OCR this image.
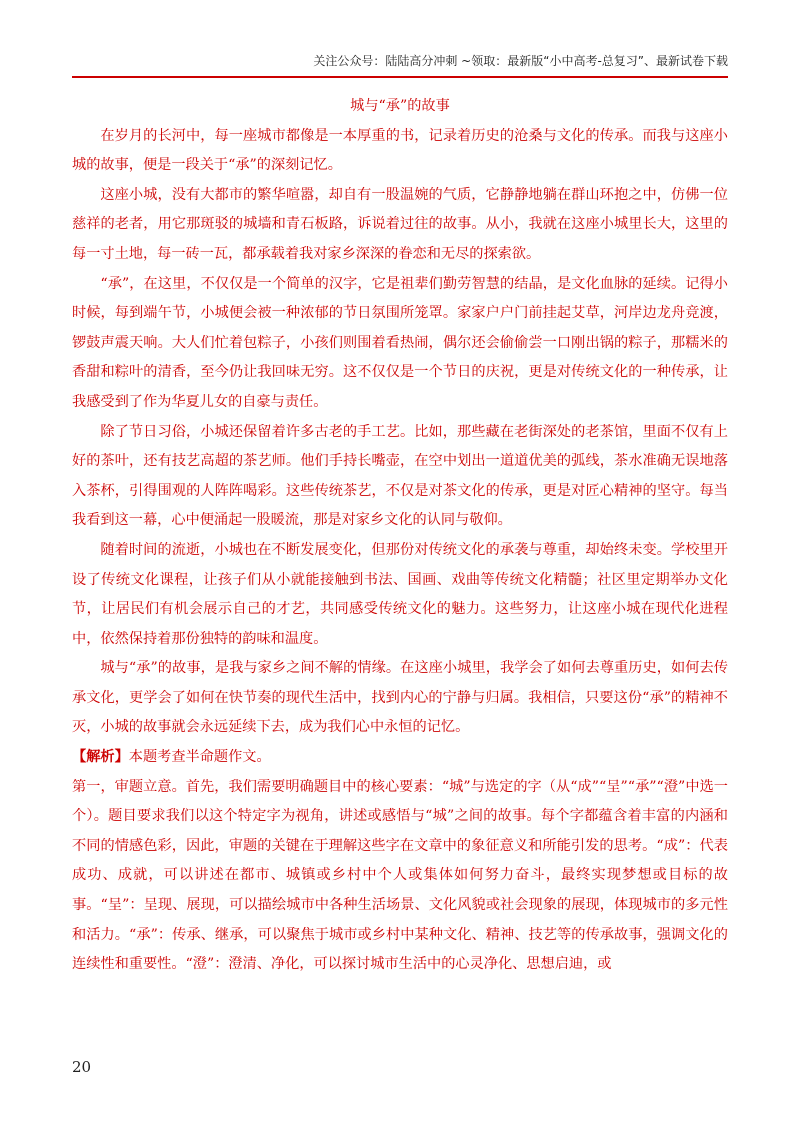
关注公众号：陆陆高分冲刺 ~领取：最新版“小中高考-总复习”、最新试卷下载

城与“承”的故事

在岁月的长河中，每一座城市都像是一本厚重的书，记录着历史的沧桑与文化的传承。而我与这座小城的故事，便是一段关于“承”的深刻记忆。

这座小城，没有大都市的繁华喧嚣，却自有一股温婉的气质，它静静地躺在群山环抱之中，仿佛一位慈祥的老者，用它那斑驳的城墙和青石板路，诉说着过往的故事。从小，我就在这座小城里长大，这里的每一寸土地，每一砖一瓦，都承载着我对家乡深深的眷恋和无尽的探索欲。

“承”，在这里，不仅仅是一个简单的汉字，它是祖辈们勤劳智慧的结晶，是文化血脉的延续。记得小时候，每到端午节，小城便会被一种浓郁的节日氛围所笼罩。家家户户门前挂起艾草，河岸边龙舟竞渡，锣鼓声震天响。大人们忙着包粽子，小孩们则围着看热闹，偶尔还会偷偷尝一口刚出锅的粽子，那糯米的香甜和粽叶的清香，至今仍让我回味无穷。这不仅仅是一个节日的庆祝，更是对传统文化的一种传承，让我感受到了作为华夏儿女的自豪与责任。

除了节日习俗，小城还保留着许多古老的手工艺。比如，那些藏在老街深处的老茶馆，里面不仅有上好的茶叶，还有技艺高超的茶艺师。他们手持长嘴壶，在空中划出一道道优美的弧线，茶水准确无误地落入茶杯，引得围观的人阵阵喝彩。这些传统茶艺，不仅是对茶文化的传承，更是对匠心精神的坚守。每当我看到这一幕，心中便涌起一股暖流，那是对家乡文化的认同与敬仰。

随着时间的流逝，小城也在不断发展变化，但那份对传统文化的承袭与尊重，却始终未变。学校里开设了传统文化课程，让孩子们从小就能接触到书法、国画、戏曲等传统文化精髓；社区里定期举办文化节，让居民们有机会展示自己的才艺，共同感受传统文化的魅力。这些努力，让这座小城在现代化进程中，依然保持着那份独特的韵味和温度。

城与“承”的故事，是我与家乡之间不解的情缘。在这座小城里，我学会了如何去尊重历史，如何去传承文化，更学会了如何在快节奏的现代生活中，找到内心的宁静与归属。我相信，只要这份“承”的精神不灭，小城的故事就会永远延续下去，成为我们心中永恒的记忆。

【解析】本题考查半命题作文。

第一，审题立意。首先，我们需要明确题目中的核心要素：“城”与选定的字（从“成”“呈”“承”“澄”中选一个）。题目要求我们以这个特定字为视角，讲述或感悟与“城”之间的故事。每个字都蕴含着丰富的内涵和不同的情感色彩，因此，审题的关键在于理解这些字在文章中的象征意义和所能引发的思考。“成”：代表成功、成就，可以讲述在都市、城镇或乡村中个人或集体如何努力奋斗，最终实现梦想或目标的故事。“呈”：呈现、展现，可以描绘城市中各种生活场景、文化风貌或社会现象的展现，体现城市的多元性和活力。“承”：传承、继承，可以聚焦于城市或乡村中某种文化、精神、技艺等的传承故事，强调文化的连续性和重要性。“澄”：澄清、净化，可以探讨城市生活中的心灵净化、思想启迪，或

20
